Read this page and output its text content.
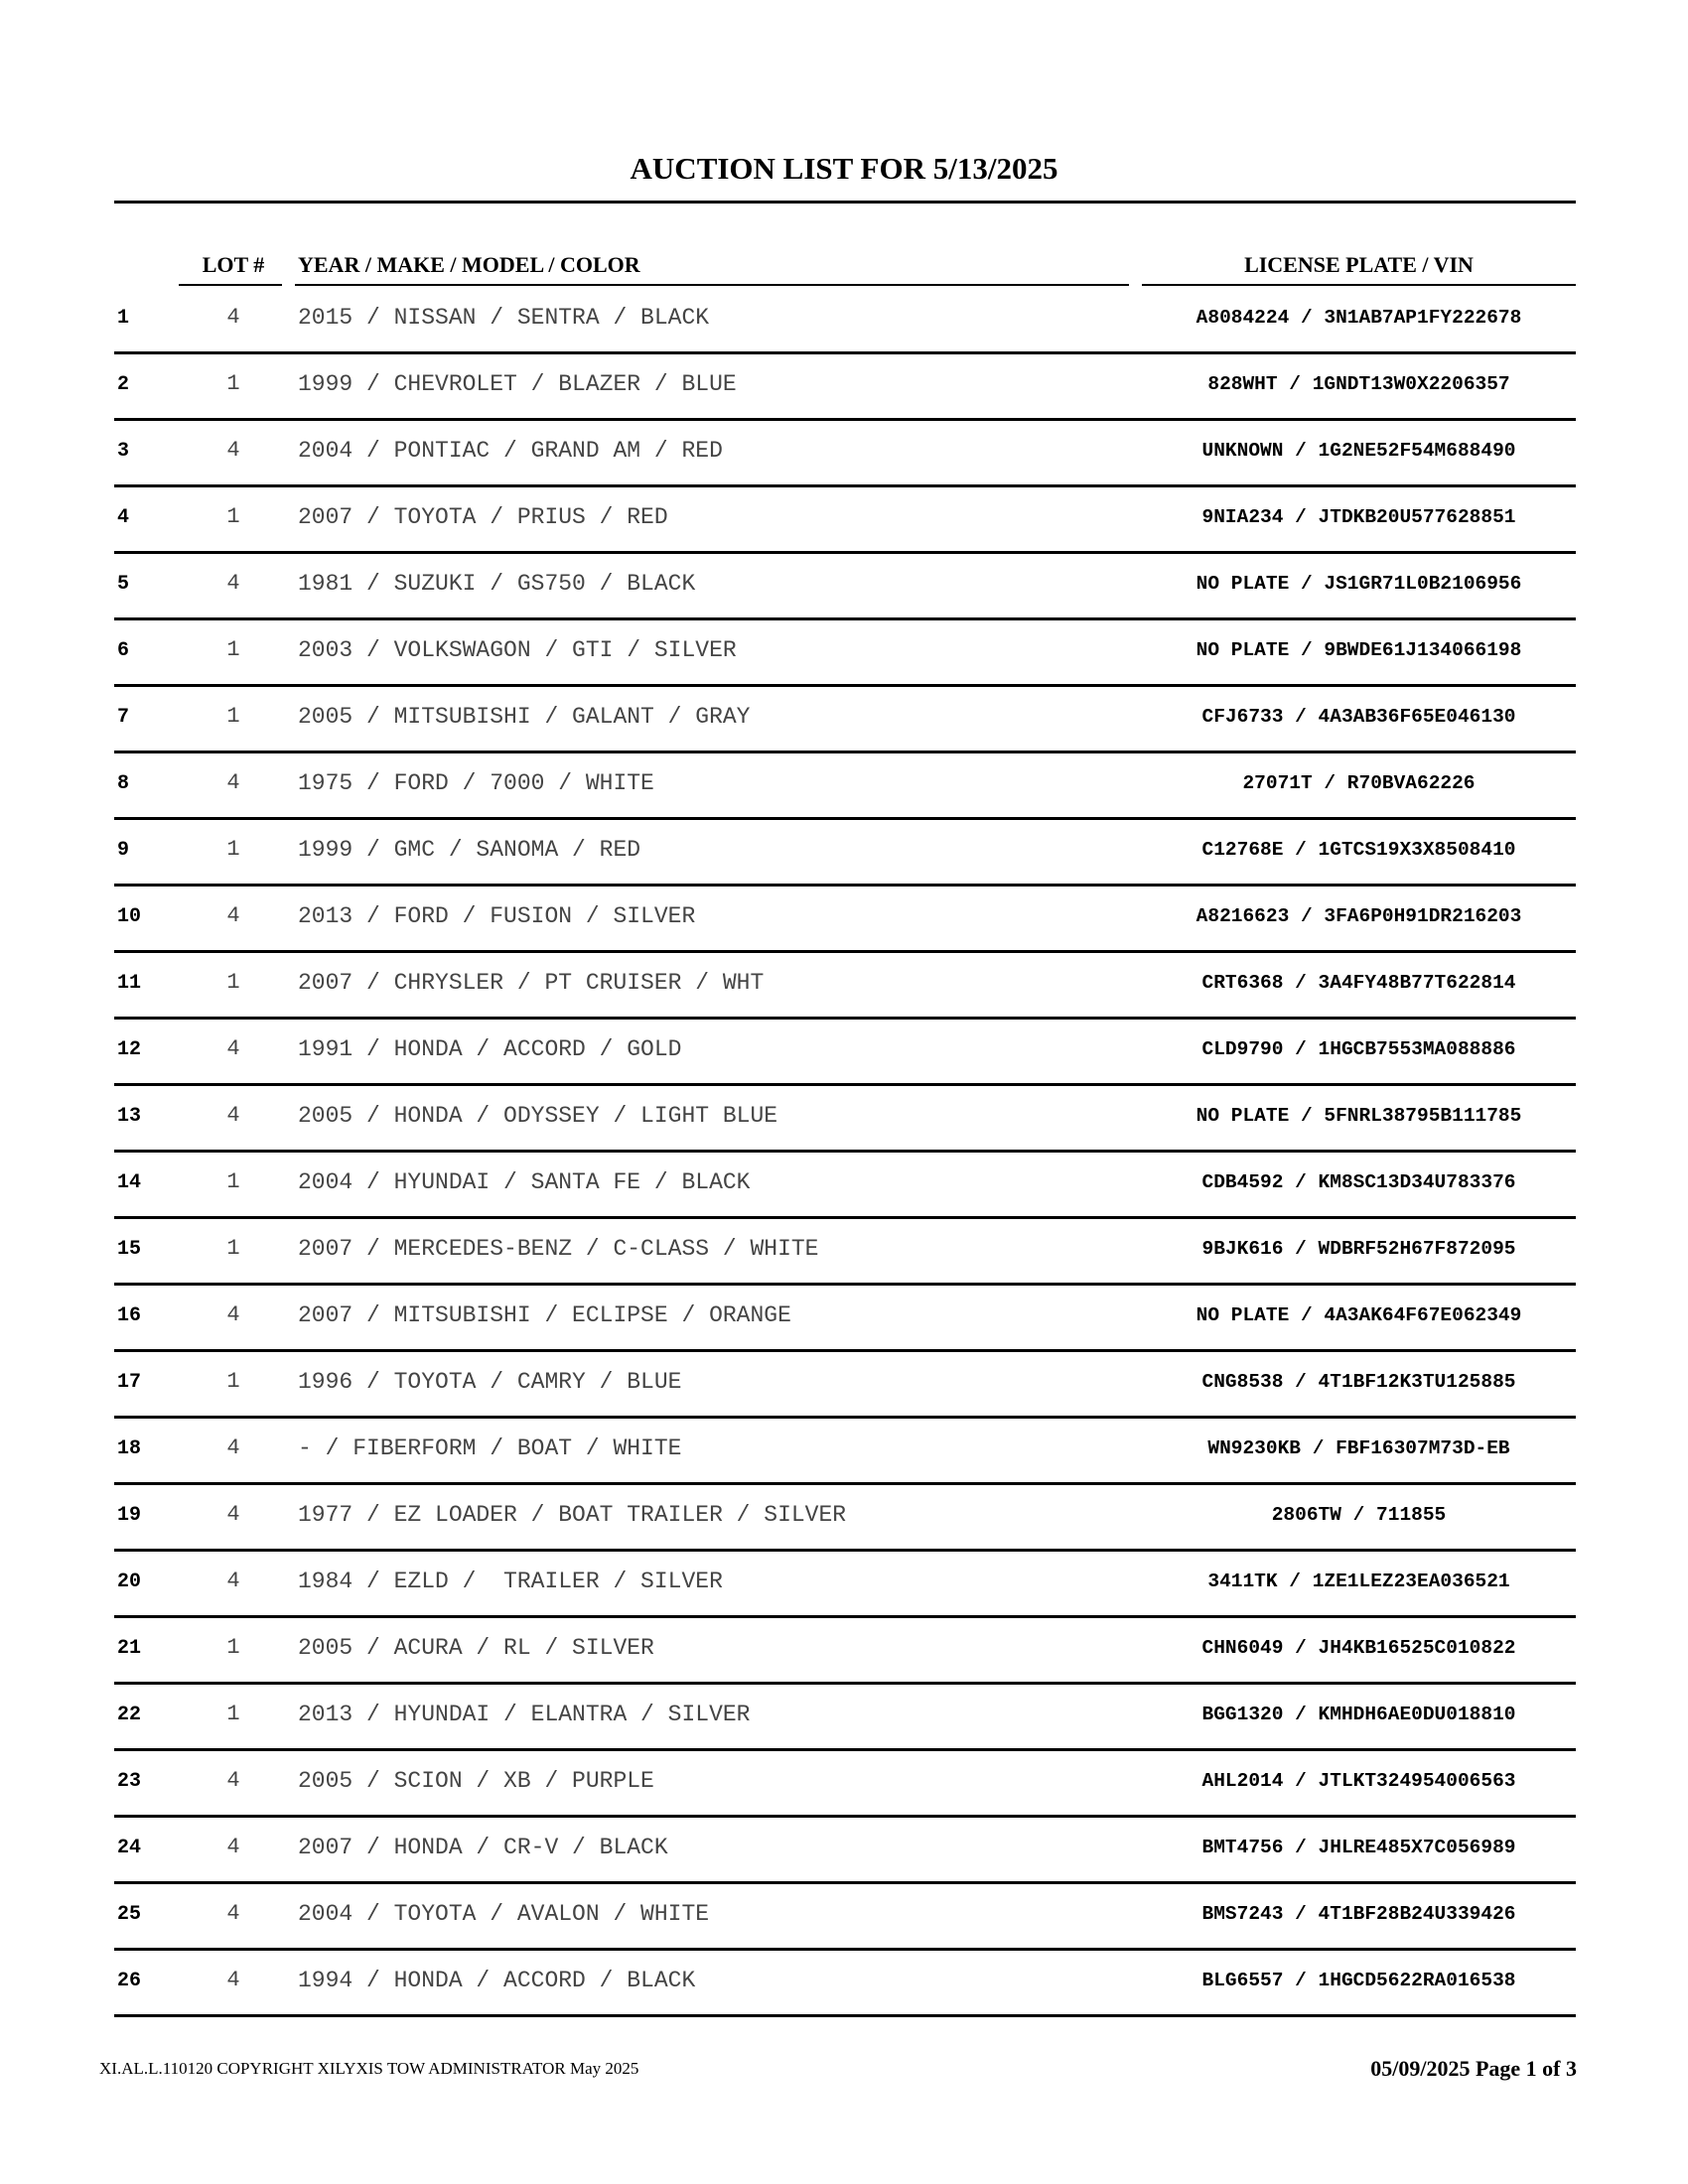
AUCTION LIST FOR 5/13/2025
LOT #	YEAR / MAKE / MODEL / COLOR	LICENSE PLATE / VIN
1	4	2015 / NISSAN / SENTRA / BLACK	A8084224 / 3N1AB7AP1FY222678
2	1	1999 / CHEVROLET / BLAZER / BLUE	828WHT / 1GNDT13W0X2206357
3	4	2004 / PONTIAC / GRAND AM / RED	UNKNOWN / 1G2NE52F54M688490
4	1	2007 / TOYOTA / PRIUS / RED	9NIA234 / JTDKB20U577628851
5	4	1981 / SUZUKI / GS750 / BLACK	NO PLATE / JS1GR71L0B2106956
6	1	2003 / VOLKSWAGON / GTI / SILVER	NO PLATE / 9BWDE61J134066198
7	1	2005 / MITSUBISHI / GALANT / GRAY	CFJ6733 / 4A3AB36F65E046130
8	4	1975 / FORD / 7000 / WHITE	27071T / R70BVA62226
9	1	1999 / GMC / SANOMA / RED	C12768E / 1GTCS19X3X8508410
10	4	2013 / FORD / FUSION / SILVER	A8216623 / 3FA6P0H91DR216203
11	1	2007 / CHRYSLER / PT CRUISER / WHT	CRT6368 / 3A4FY48B77T622814
12	4	1991 / HONDA / ACCORD / GOLD	CLD9790 / 1HGCB7553MA088886
13	4	2005 / HONDA / ODYSSEY / LIGHT BLUE	NO PLATE / 5FNRL38795B111785
14	1	2004 / HYUNDAI / SANTA FE / BLACK	CDB4592 / KM8SC13D34U783376
15	1	2007 / MERCEDES-BENZ / C-CLASS / WHITE	9BJK616 / WDBRF52H67F872095
16	4	2007 / MITSUBISHI / ECLIPSE / ORANGE	NO PLATE / 4A3AK64F67E062349
17	1	1996 / TOYOTA / CAMRY / BLUE	CNG8538 / 4T1BF12K3TU125885
18	4	- / FIBERFORM / BOAT / WHITE	WN9230KB / FBF16307M73D-EB
19	4	1977 / EZ LOADER / BOAT TRAILER / SILVER	2806TW / 711855
20	4	1984 / EZLD /  TRAILER / SILVER	3411TK / 1ZE1LEZ23EA036521
21	1	2005 / ACURA / RL / SILVER	CHN6049 / JH4KB16525C010822
22	1	2013 / HYUNDAI / ELANTRA / SILVER	BGG1320 / KMHDH6AE0DU018810
23	4	2005 / SCION / XB / PURPLE	AHL2014 / JTLKT324954006563
24	4	2007 / HONDA / CR-V / BLACK	BMT4756 / JHLRE485X7C056989
25	4	2004 / TOYOTA / AVALON / WHITE	BMS7243 / 4T1BF28B24U339426
26	4	1994 / HONDA / ACCORD / BLACK	BLG6557 / 1HGCD5622RA016538
XI.AL.L.110120 COPYRIGHT XILYXIS TOW ADMINISTRATOR May 2025	05/09/2025 Page 1 of 3
